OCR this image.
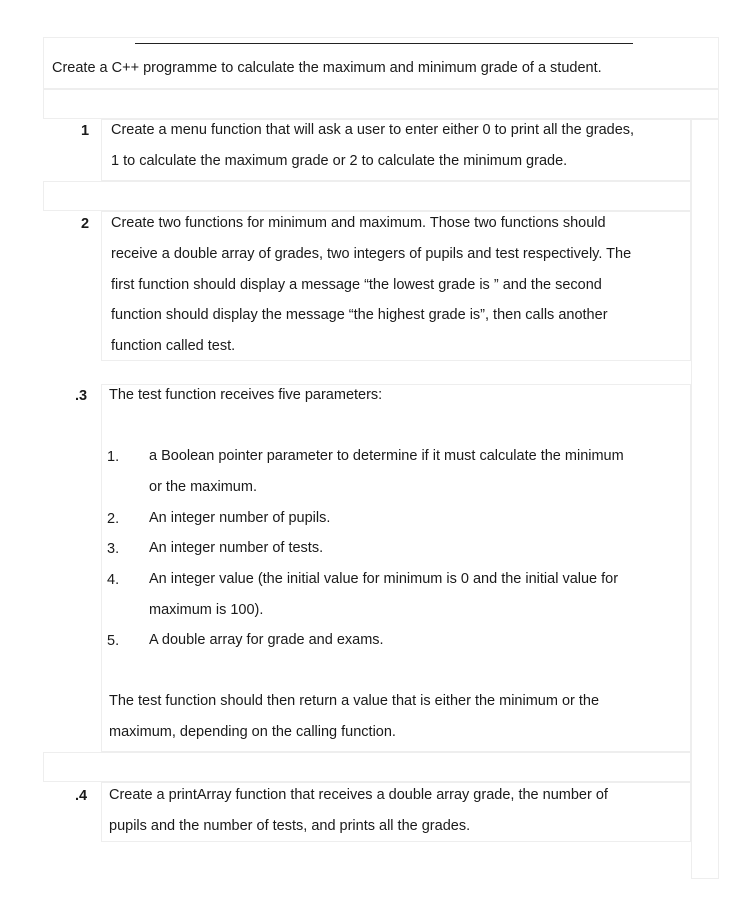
Create a C++ programme to calculate the maximum and minimum grade of a student.
1 Create a menu function that will ask a user to enter either 0 to print all the grades,

1 to calculate the maximum grade or 2 to calculate the minimum grade.

2 Create two functions for minimum and maximum. Those two functions should

receive a double array of grades, two integers of pupils and test respectively. The

first function should display a message “the lowest grade is ” and the second

function should display the message “the highest grade is”, then calls another

function called test.

.3 The test function receives five parameters:
1. a Boolean pointer parameter to determine if it must calculate the minimum
or the maximum.
2. An integer number of pupils.
3. An integer number of tests.
4. An integer value (the initial value for minimum is 0 and the initial value for
maximum is 100).
5. A double array for grade and exams.

The test function should then return a value that is either the minimum or the

maximum, depending on the calling function.

.4 Create a printArray function that receives a double array grade, the number of

pupils and the number of tests, and prints all the grades.
